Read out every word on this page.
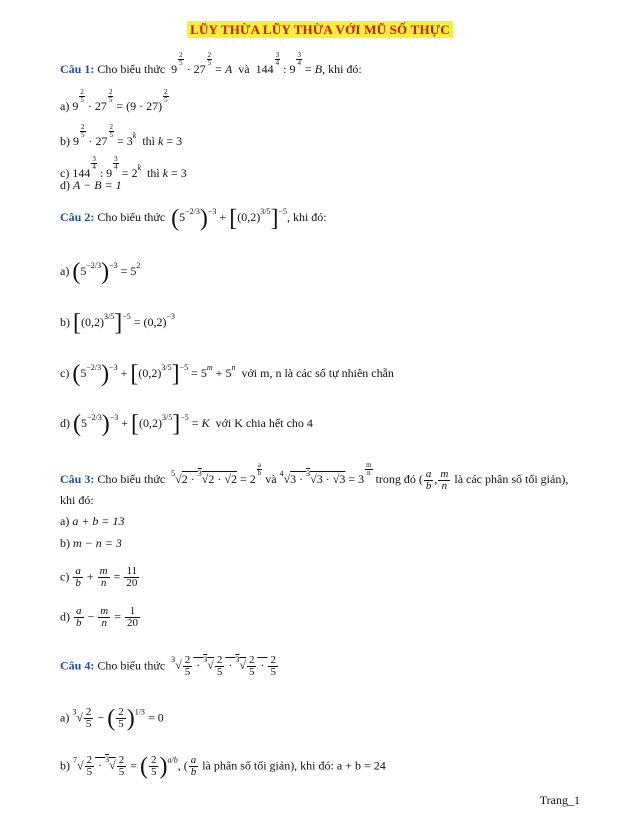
LŨY THỪA LŨY THỪA VỚI MŨ SỐ THỰC
Câu 1: Cho biểu thức  9
$\frac{2}{5}$
· 27
$\frac{2}{5}$
= A  và  144
$\frac{3}{4}$
: 9
$\frac{3}{4}$
= B, khi đó:
a) 9
$\frac{2}{5}$
· 27
$\frac{2}{5}$
= (9 · 27)
$\frac{2}{5}$
b) 9
$\frac{2}{5}$
· 27
$\frac{2}{5}$
= $3^k$ thì k = 3
c) 144
$\frac{3}{4}$
: 9
$\frac{3}{4}$
= $2^k$ thì k = 3
d) A − B = 1
Câu 2: Cho biểu thức $(5^{-2/3})^{-3} + [(0,2)^{3/5}]^{-5}$, khi đó:
a) $(5^{-2/3})^{-3} = 5^2$
b) $[(0,2)^{3/5}]^{-5} = (0,2)^{-3}$
c) $(5^{-2/3})^{-3} + [(0,2)^{3/5}]^{-5} = 5^m + 5^n$ với m, n là các số tự nhiên chẵn
d) $(5^{-2/3})^{-3} + [(0,2)^{3/5}]^{-5} = K$ với K chia hết cho 4
Câu 3: Cho biểu thức $^5$√2 · $^3$√2 · √2 = 2
$\frac{a}{b}$
và $^4$√3 · $^3$√3 · √3 = 3
$\frac{m}{n}$
trong đó ( $\frac{a}{b}$ , $\frac{m}{n}$ là các phân số tối giản),
khi đó:
a) a + b = 13
b) m − n = 3
$c) \frac{a}{b} + \frac{m}{n} = \frac{11}{20}$
$d) \frac{a}{b} - \frac{m}{n} = \frac{1}{20}$
Câu 4: Cho biểu thức $^3√ \frac{2}{5} \cdot ^3√ \frac{2}{5} \cdot ^3√ \frac{2}{5} \cdot \frac{2}{5}$
a) $^3√ \frac{2}{5}$ − ( $\frac{2}{5} )^{1/3} = 0$
b) $^7√ \frac{2}{5} \cdot ^3√ \frac{2}{5}$ = ( $\frac{2}{5} )^{a/b}$, ( $\frac{a}{b}$ là phân số tối giản), khi đó: a + b = 24
Trang_1
